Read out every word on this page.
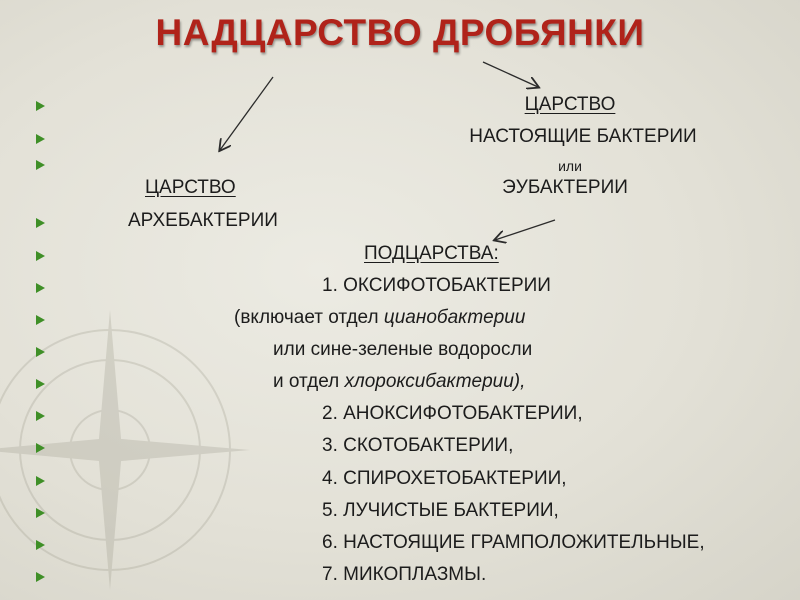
НАДЦАРСТВО ДРОБЯНКИ
ЦАРСТВО
НАСТОЯЩИЕ БАКТЕРИИ
или
ЭУБАКТЕРИИ
ЦАРСТВО
АРХЕБАКТЕРИИ
ПОДЦАРСТВА:
1. ОКСИФОТОБАКТЕРИИ
(включает отдел цианобактерии
или сине-зеленые водоросли
и отдел хлороксибактерии),
2. АНОКСИФОТОБАКТЕРИИ,
3. СКОТОБАКТЕРИИ,
4. СПИРОХЕТОБАКТЕРИИ,
5. ЛУЧИСТЫЕ БАКТЕРИИ,
6. НАСТОЯЩИЕ ГРАМПОЛОЖИТЕЛЬНЫЕ,
7. МИКОПЛАЗМЫ.
